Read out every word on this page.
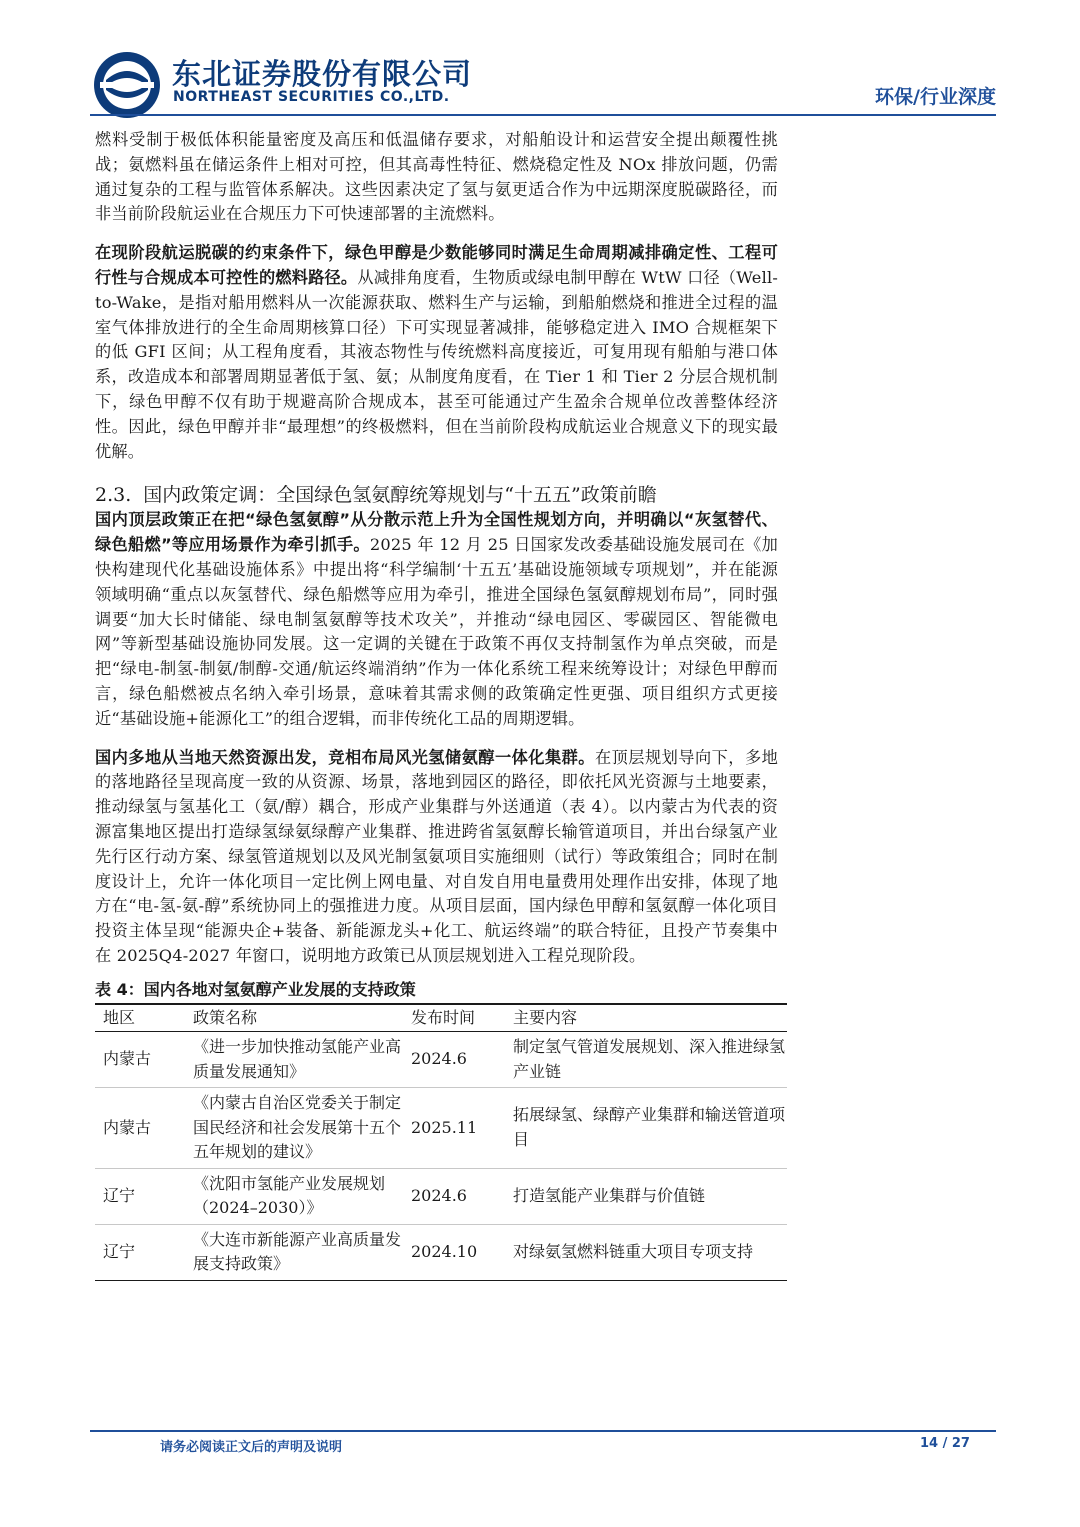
东北证券股份有限公司
NORTHEAST SECURITIES CO.,LTD.	环保/行业深度

燃料受制于极低体积能量密度及高压和低温储存要求，对船舶设计和运营安全提出颠覆性挑战；氨燃料虽在储运条件上相对可控，但其高毒性特征、燃烧稳定性及 NOx 排放问题，仍需通过复杂的工程与监管体系解决。这些因素决定了氢与氨更适合作为中远期深度脱碳路径，而非当前阶段航运业在合规压力下可快速部署的主流燃料。

在现阶段航运脱碳的约束条件下，绿色甲醇是少数能够同时满足生命周期减排确定性、工程可行性与合规成本可控性的燃料路径。从减排角度看，生物质或绿电制甲醇在 WtW 口径（Well-to-Wake，是指对船用燃料从一次能源获取、燃料生产与运输，到船舶燃烧和推进全过程的温室气体排放进行的全生命周期核算口径）下可实现显著减排，能够稳定进入 IMO 合规框架下的低 GFI 区间；从工程角度看，其液态物性与传统燃料高度接近，可复用现有船舶与港口体系，改造成本和部署周期显著低于氢、氨；从制度角度看，在 Tier 1 和 Tier 2 分层合规机制下，绿色甲醇不仅有助于规避高阶合规成本，甚至可能通过产生盈余合规单位改善整体经济性。因此，绿色甲醇并非“最理想”的终极燃料，但在当前阶段构成航运业合规意义下的现实最优解。

2.3. 国内政策定调：全国绿色氢氨醇统筹规划与“十五五”政策前瞻

国内顶层政策正在把“绿色氢氨醇”从分散示范上升为全国性规划方向，并明确以“灰氢替代、绿色船燃”等应用场景作为牵引抓手。2025 年 12 月 25 日国家发改委基础设施发展司在《加快构建现代化基础设施体系》中提出将“科学编制‘十五五’基础设施领域专项规划”，并在能源领域明确“重点以灰氢替代、绿色船燃等应用为牵引，推进全国绿色氢氨醇规划布局”，同时强调要“加大长时储能、绿电制氢氨醇等技术攻关”，并推动“绿电园区、零碳园区、智能微电网”等新型基础设施协同发展。这一定调的关键在于政策不再仅支持制氢作为单点突破，而是把“绿电-制氢-制氨/制醇-交通/航运终端消纳”作为一体化系统工程来统筹设计；对绿色甲醇而言，绿色船燃被点名纳入牵引场景，意味着其需求侧的政策确定性更强、项目组织方式更接近“基础设施+能源化工”的组合逻辑，而非传统化工品的周期逻辑。

国内多地从当地天然资源出发，竞相布局风光氢储氨醇一体化集群。在顶层规划导向下，多地的落地路径呈现高度一致的从资源、场景，落地到园区的路径，即依托风光资源与土地要素，推动绿氢与氢基化工（氨/醇）耦合，形成产业集群与外送通道（表 4）。以内蒙古为代表的资源富集地区提出打造绿氢绿氨绿醇产业集群、推进跨省氢氨醇长输管道项目，并出台绿氢产业先行区行动方案、绿氢管道规划以及风光制氢氨项目实施细则（试行）等政策组合；同时在制度设计上，允许一体化项目一定比例上网电量、对自发自用电量费用处理作出安排，体现了地方在“电-氢-氨-醇”系统协同上的强推进力度。从项目层面，国内绿色甲醇和氢氨醇一体化项目投资主体呈现“能源央企+装备、新能源龙头+化工、航运终端”的联合特征，且投产节奏集中在 2025Q4-2027 年窗口，说明地方政策已从顶层规划进入工程兑现阶段。

表 4：国内各地对氢氨醇产业发展的支持政策
地区	政策名称	发布时间	主要内容
内蒙古	《进一步加快推动氢能产业高质量发展通知》	2024.6	制定氢气管道发展规划、深入推进绿氢产业链
内蒙古	《内蒙古自治区党委关于制定国民经济和社会发展第十五个五年规划的建议》	2025.11	拓展绿氢、绿醇产业集群和输送管道项目
辽宁	《沈阳市氢能产业发展规划（2024–2030）》	2024.6	打造氢能产业集群与价值链
辽宁	《大连市新能源产业高质量发展支持政策》	2024.10	对绿氨氢燃料链重大项目专项支持
请务必阅读正文后的声明及说明	14 / 27
